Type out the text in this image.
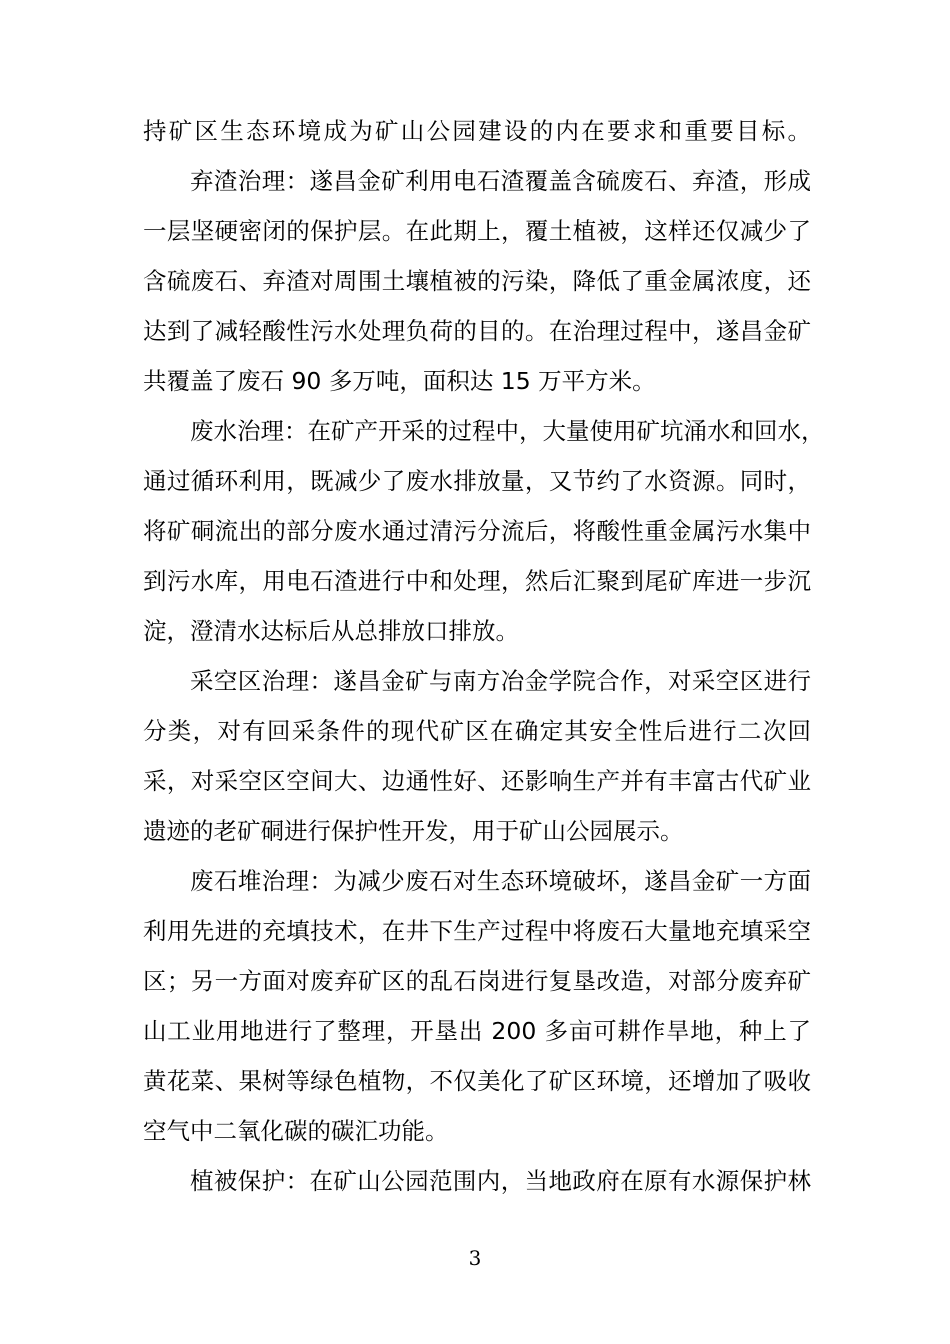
持矿区生态环境成为矿山公园建设的内在要求和重要目标。
弃渣治理：遂昌金矿利用电石渣覆盖含硫废石、弃渣，形成
一层坚硬密闭的保护层。在此期上，覆土植被，这样还仅减少了
含硫废石、弃渣对周围土壤植被的污染，降低了重金属浓度，还
达到了减轻酸性污水处理负荷的目的。在治理过程中，遂昌金矿
共覆盖了废石 90 多万吨，面积达 15 万平方米。
废水治理：在矿产开采的过程中，大量使用矿坑涌水和回水，
通过循环利用，既减少了废水排放量，又节约了水资源。同时，
将矿硐流出的部分废水通过清污分流后，将酸性重金属污水集中
到污水库，用电石渣进行中和处理，然后汇聚到尾矿库进一步沉
淀，澄清水达标后从总排放口排放。
采空区治理：遂昌金矿与南方冶金学院合作，对采空区进行
分类，对有回采条件的现代矿区在确定其安全性后进行二次回
采，对采空区空间大、边通性好、还影响生产并有丰富古代矿业
遗迹的老矿硐进行保护性开发，用于矿山公园展示。
废石堆治理：为减少废石对生态环境破坏，遂昌金矿一方面
利用先进的充填技术，在井下生产过程中将废石大量地充填采空
区；另一方面对废弃矿区的乱石岗进行复垦改造，对部分废弃矿
山工业用地进行了整理，开垦出 200 多亩可耕作旱地，种上了
黄花菜、果树等绿色植物，不仅美化了矿区环境，还增加了吸收
空气中二氧化碳的碳汇功能。
植被保护：在矿山公园范围内，当地政府在原有水源保护林
3
